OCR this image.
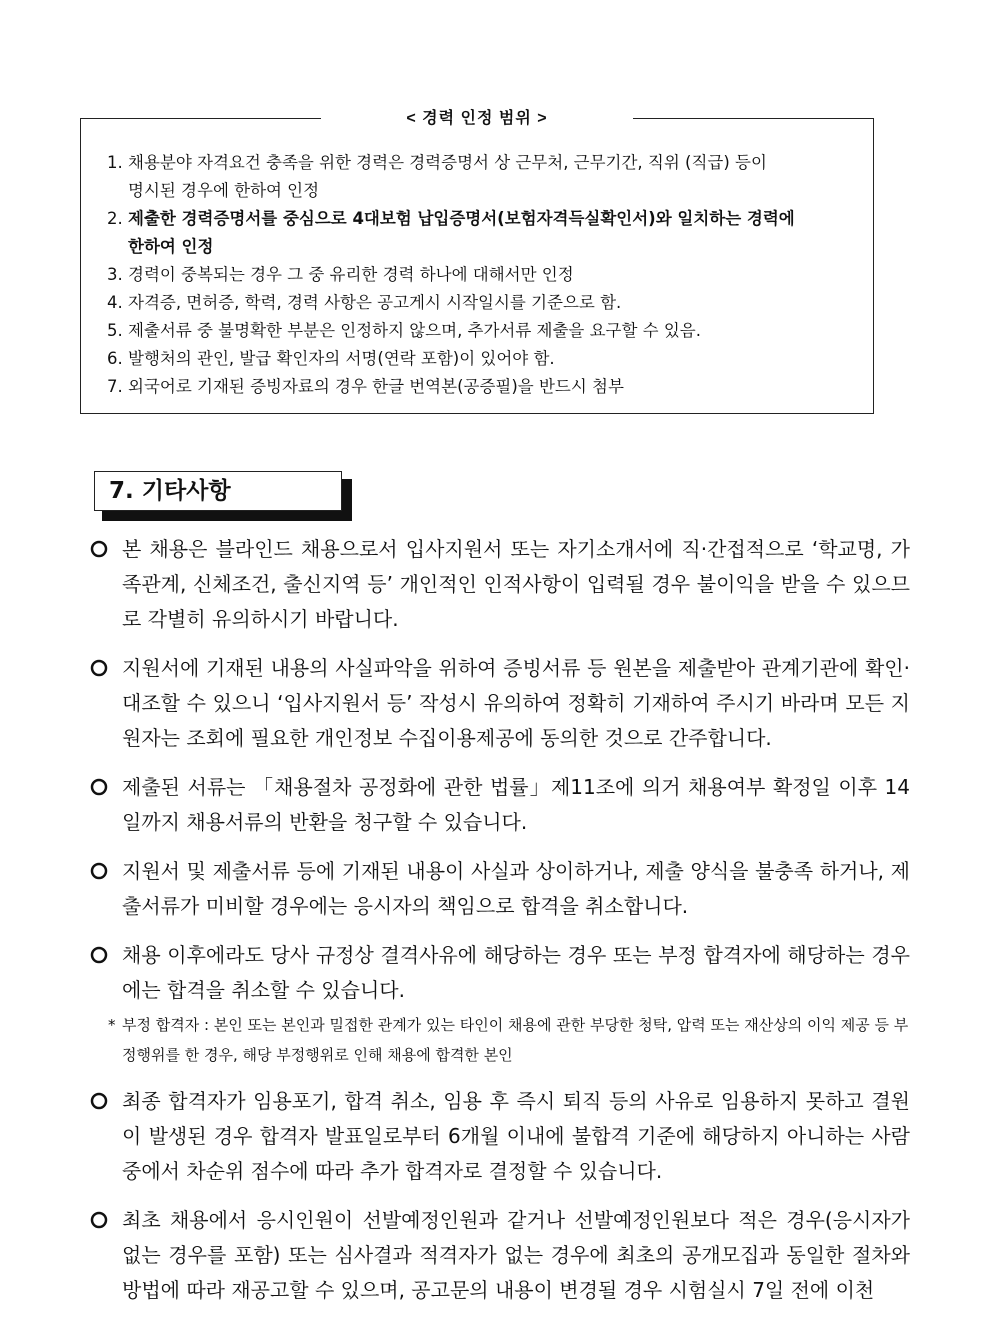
< 경력 인정 범위 >
1. 채용분야 자격요건 충족을 위한 경력은 경력증명서 상 근무처, 근무기간, 직위 (직급) 등이
명시된 경우에 한하여 인정
2. 제출한 경력증명서를 중심으로 4대보험 납입증명서(보험자격득실확인서)와 일치하는 경력에
한하여 인정
3. 경력이 중복되는 경우 그 중 유리한 경력 하나에 대해서만 인정
4. 자격증, 면허증, 학력, 경력 사항은 공고게시 시작일시를 기준으로 함.
5. 제출서류 중 불명확한 부분은 인정하지 않으며, 추가서류 제출을 요구할 수 있음.
6. 발행처의 관인, 발급 확인자의 서명(연락 포함)이 있어야 함.
7. 외국어로 기재된 증빙자료의 경우 한글 번역본(공증필)을 반드시 첨부
7. 기타사항
본 채용은 블라인드 채용으로서 입사지원서 또는 자기소개서에 직·간접적으로 ‘학교명, 가족관계, 신체조건, 출신지역 등’ 개인적인 인적사항이 입력될 경우 불이익을 받을 수 있으므로 각별히 유의하시기 바랍니다.
지원서에 기재된 내용의 사실파악을 위하여 증빙서류 등 원본을 제출받아 관계기관에 확인·대조할 수 있으니 ‘입사지원서 등’ 작성시 유의하여 정확히 기재하여 주시기 바라며 모든 지원자는 조회에 필요한 개인정보 수집이용제공에 동의한 것으로 간주합니다.
제출된 서류는 「채용절차 공정화에 관한 법률」제11조에 의거 채용여부 확정일 이후 14일까지 채용서류의 반환을 청구할 수 있습니다.
지원서 및 제출서류 등에 기재된 내용이 사실과 상이하거나, 제출 양식을 불충족 하거나, 제출서류가 미비할 경우에는 응시자의 책임으로 합격을 취소합니다.
채용 이후에라도 당사 규정상 결격사유에 해당하는 경우 또는 부정 합격자에 해당하는 경우에는 합격을 취소할 수 있습니다.
* 부정 합격자 : 본인 또는 본인과 밀접한 관계가 있는 타인이 채용에 관한 부당한 청탁, 압력 또는 재산상의 이익 제공 등 부정행위를 한 경우, 해당 부정행위로 인해 채용에 합격한 본인
최종 합격자가 임용포기, 합격 취소, 임용 후 즉시 퇴직 등의 사유로 임용하지 못하고 결원이 발생된 경우 합격자 발표일로부터 6개월 이내에 불합격 기준에 해당하지 아니하는 사람 중에서 차순위 점수에 따라 추가 합격자로 결정할 수 있습니다.
최초 채용에서 응시인원이 선발예정인원과 같거나 선발예정인원보다 적은 경우(응시자가 없는 경우를 포함) 또는 심사결과 적격자가 없는 경우에 최초의 공개모집과 동일한 절차와 방법에 따라 재공고할 수 있으며, 공고문의 내용이 변경될 경우 시험실시 7일 전에 이천
